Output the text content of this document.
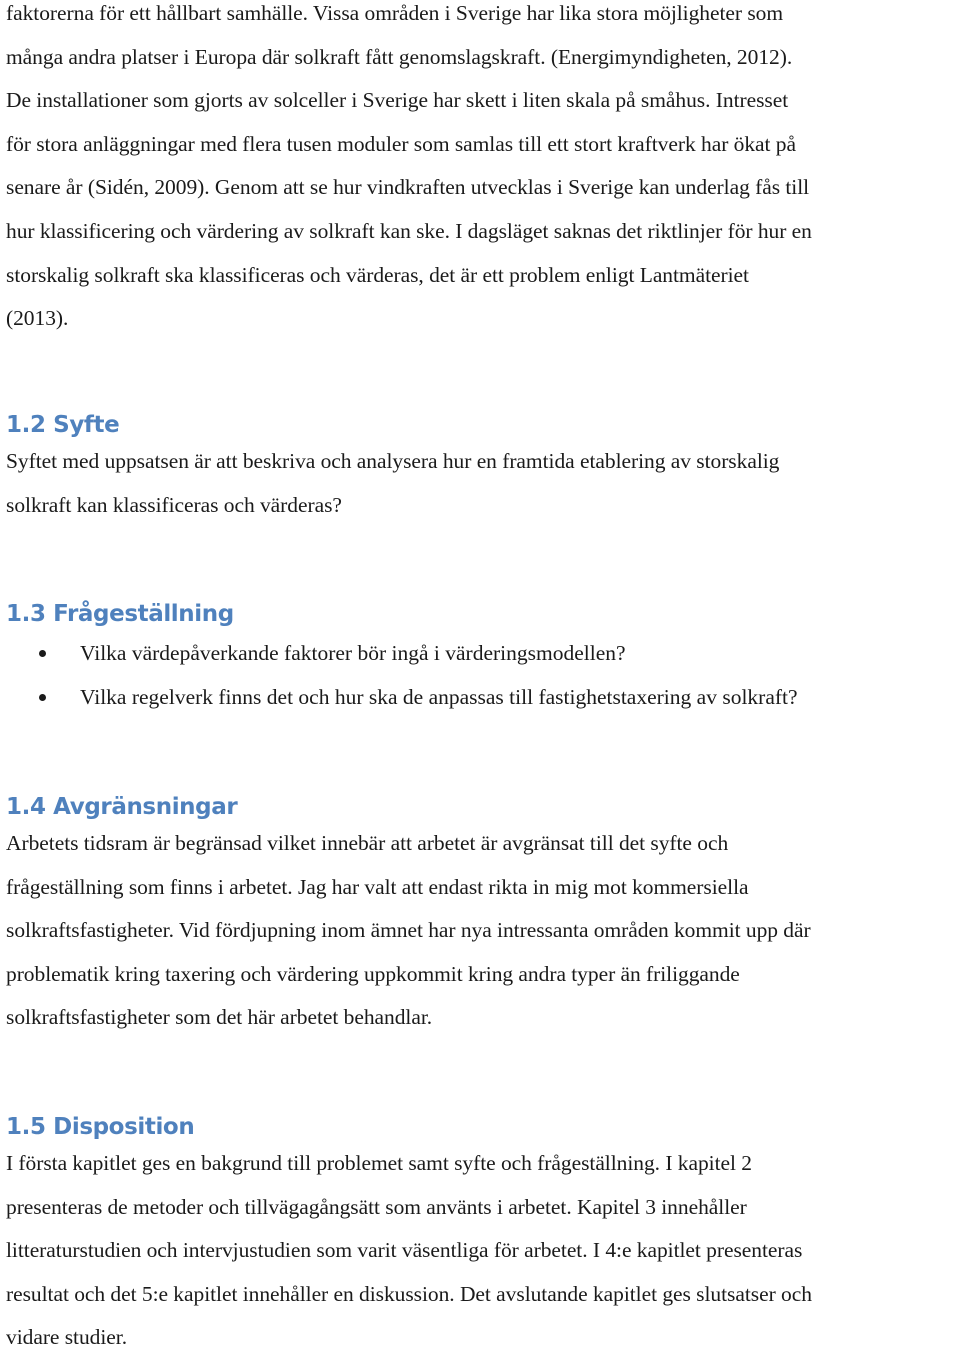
faktorerna för ett hållbart samhälle. Vissa områden i Sverige har lika stora möjligheter som
många andra platser i Europa där solkraft fått genomslagskraft. (Energimyndigheten, 2012).
De installationer som gjorts av solceller i Sverige har skett i liten skala på småhus. Intresset
för stora anläggningar med flera tusen moduler som samlas till ett stort kraftverk har ökat på
senare år (Sidén, 2009). Genom att se hur vindkraften utvecklas i Sverige kan underlag fås till
hur klassificering och värdering av solkraft kan ske. I dagsläget saknas det riktlinjer för hur en
storskalig solkraft ska klassificeras och värderas, det är ett problem enligt Lantmäteriet
(2013).
1.2 Syfte
Syftet med uppsatsen är att beskriva och analysera hur en framtida etablering av storskalig
solkraft kan klassificeras och värderas?
1.3 Frågeställning
Vilka värdepåverkande faktorer bör ingå i värderingsmodellen?
Vilka regelverk finns det och hur ska de anpassas till fastighetstaxering av solkraft?
1.4 Avgränsningar
Arbetets tidsram är begränsad vilket innebär att arbetet är avgränsat till det syfte och
frågeställning som finns i arbetet. Jag har valt att endast rikta in mig mot kommersiella
solkraftsfastigheter. Vid fördjupning inom ämnet har nya intressanta områden kommit upp där
problematik kring taxering och värdering uppkommit kring andra typer än friliggande
solkraftsfastigheter som det här arbetet behandlar.
1.5 Disposition
I första kapitlet ges en bakgrund till problemet samt syfte och frågeställning. I kapitel 2
presenteras de metoder och tillvägagångsätt som använts i arbetet. Kapitel 3 innehåller
litteraturstudien och intervjustudien som varit väsentliga för arbetet. I 4:e kapitlet presenteras
resultat och det 5:e kapitlet innehåller en diskussion. Det avslutande kapitlet ges slutsatser och
vidare studier.
